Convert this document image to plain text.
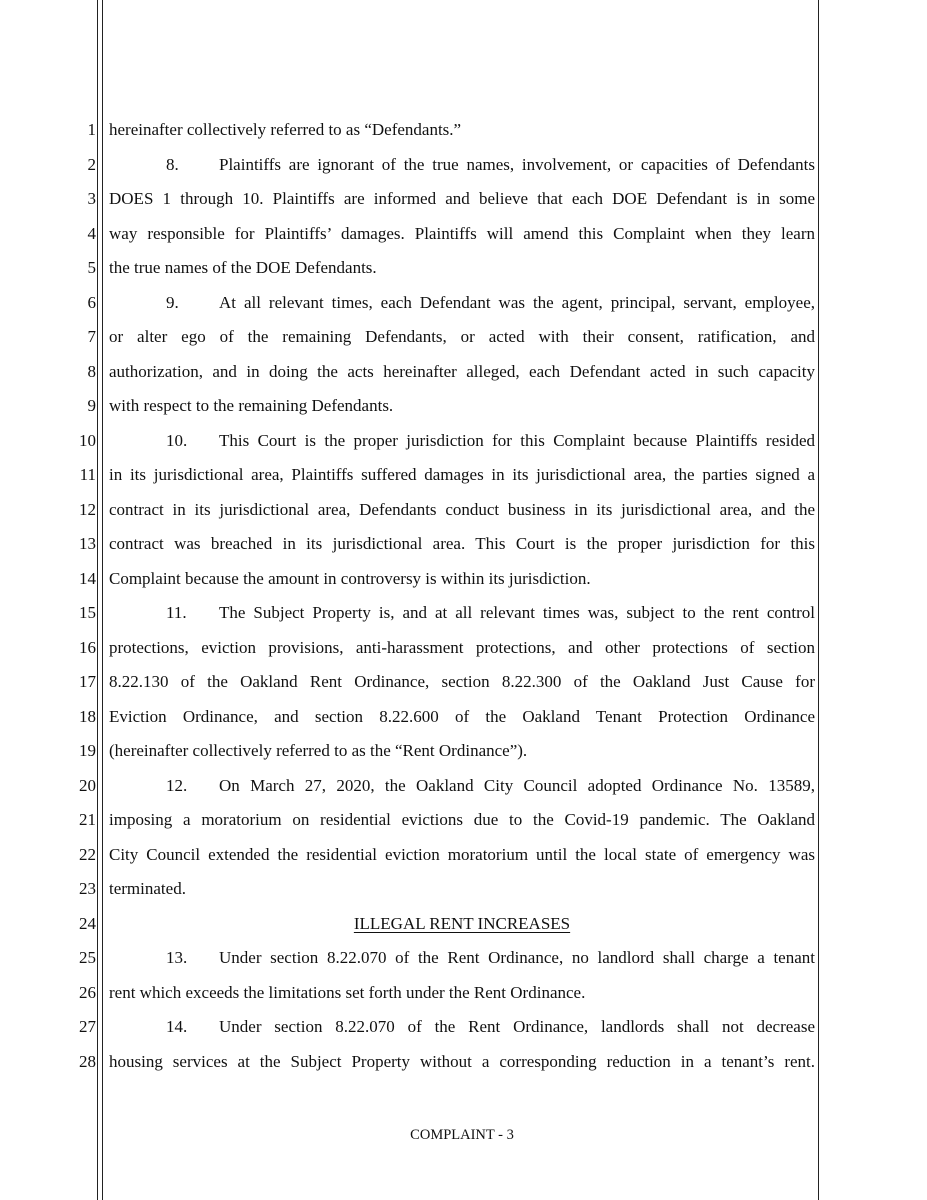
1
2
3
4
5
6
7
8
9
10
11
12
13
14
15
16
17
18
19
20
21
22
23
24
25
26
27
28
hereinafter collectively referred to as “Defendants.”
8. Plaintiffs are ignorant of the true names, involvement, or capacities of Defendants
DOES 1 through 10. Plaintiffs are informed and believe that each DOE Defendant is in some
way responsible for Plaintiffs’ damages. Plaintiffs will amend this Complaint when they learn
the true names of the DOE Defendants.
9. At all relevant times, each Defendant was the agent, principal, servant, employee,
or alter ego of the remaining Defendants, or acted with their consent, ratification, and
authorization, and in doing the acts hereinafter alleged, each Defendant acted in such capacity
with respect to the remaining Defendants.
10. This Court is the proper jurisdiction for this Complaint because Plaintiffs resided
in its jurisdictional area, Plaintiffs suffered damages in its jurisdictional area, the parties signed a
contract in its jurisdictional area, Defendants conduct business in its jurisdictional area, and the
contract was breached in its jurisdictional area. This Court is the proper jurisdiction for this
Complaint because the amount in controversy is within its jurisdiction.
11. The Subject Property is, and at all relevant times was, subject to the rent control
protections, eviction provisions, anti-harassment protections, and other protections of section
8.22.130 of the Oakland Rent Ordinance, section 8.22.300 of the Oakland Just Cause for
Eviction Ordinance, and section 8.22.600 of the Oakland Tenant Protection Ordinance
(hereinafter collectively referred to as the “Rent Ordinance”).
12. On March 27, 2020, the Oakland City Council adopted Ordinance No. 13589,
imposing a moratorium on residential evictions due to the Covid-19 pandemic. The Oakland
City Council extended the residential eviction moratorium until the local state of emergency was
terminated.
ILLEGAL RENT INCREASES
13. Under section 8.22.070 of the Rent Ordinance, no landlord shall charge a tenant
rent which exceeds the limitations set forth under the Rent Ordinance.
14. Under section 8.22.070 of the Rent Ordinance, landlords shall not decrease
housing services at the Subject Property without a corresponding reduction in a tenant’s rent.
COMPLAINT - 3
